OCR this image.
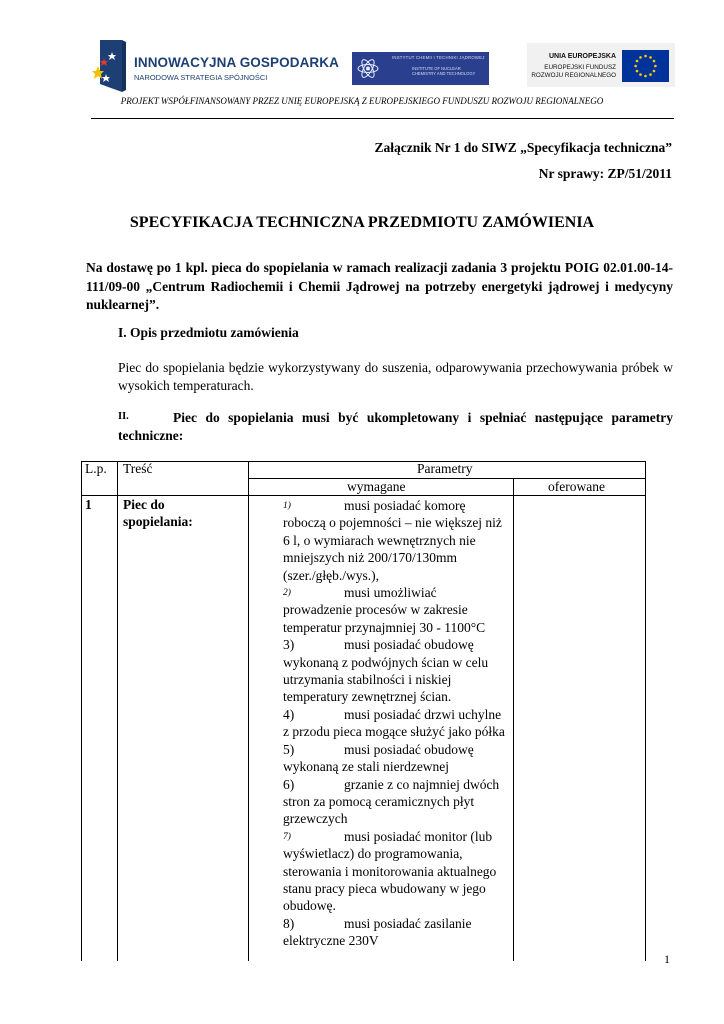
INNOWACYJNA GOSPODARKA
NARODOWA STRATEGIA SPÓJNOŚCI
INSTYTUT CHEMII I TECHNIKI JĄDROWEJ
INSTITUTE OF NUCLEAR CHEMISTRY AND TECHNOLOGY
UNIA EUROPEJSKA
EUROPEJSKI FUNDUSZ
ROZWOJU REGIONALNEGO
PROJEKT WSPÓŁFINANSOWANY PRZEZ UNIĘ EUROPEJSKĄ Z EUROPEJSKIEGO FUNDUSZU ROZWOJU REGIONALNEGO
Załącznik Nr 1 do SIWZ „Specyfikacja techniczna”
Nr sprawy: ZP/51/2011
SPECYFIKACJA TECHNICZNA PRZEDMIOTU ZAMÓWIENIA
Na dostawę po 1 kpl. pieca do spopielania w ramach realizacji zadania 3 projektu POIG 02.01.00-14-111/09-00 „Centrum Radiochemii i Chemii Jądrowej na potrzeby energetyki jądrowej i medycyny nuklearnej”.
I. Opis przedmiotu zamówienia
Piec do spopielania będzie wykorzystywany do suszenia, odparowywania przechowywania próbek w wysokich temperaturach.
II.	Piec do spopielania musi być ukompletowany i spełniać następujące parametry techniczne:
L.p. Treść	Parametry
wymagane	oferowane
1 Piec do
spopielania:
1)	musi posiadać komorę roboczą o pojemności – nie większej niż 6 l, o wymiarach wewnętrznych nie mniejszych niż 200/170/130mm (szer./głęb./wys.),
2)	musi umożliwiać prowadzenie procesów w zakresie temperatur przynajmniej 30 - 1100°C
3)	musi posiadać obudowę wykonaną z podwójnych ścian w celu utrzymania stabilności i niskiej temperatury zewnętrznej ścian.
4)	musi posiadać drzwi uchylne z przodu pieca mogące służyć jako półka
5)	musi posiadać obudowę wykonaną ze stali nierdzewnej
6)	grzanie z co najmniej dwóch stron za pomocą ceramicznych płyt grzewczych
7)	musi posiadać monitor (lub wyświetlacz) do programowania, sterowania i monitorowania aktualnego stanu pracy pieca wbudowany w jego obudowę.
8)	musi posiadać zasilanie elektryczne 230V
1
